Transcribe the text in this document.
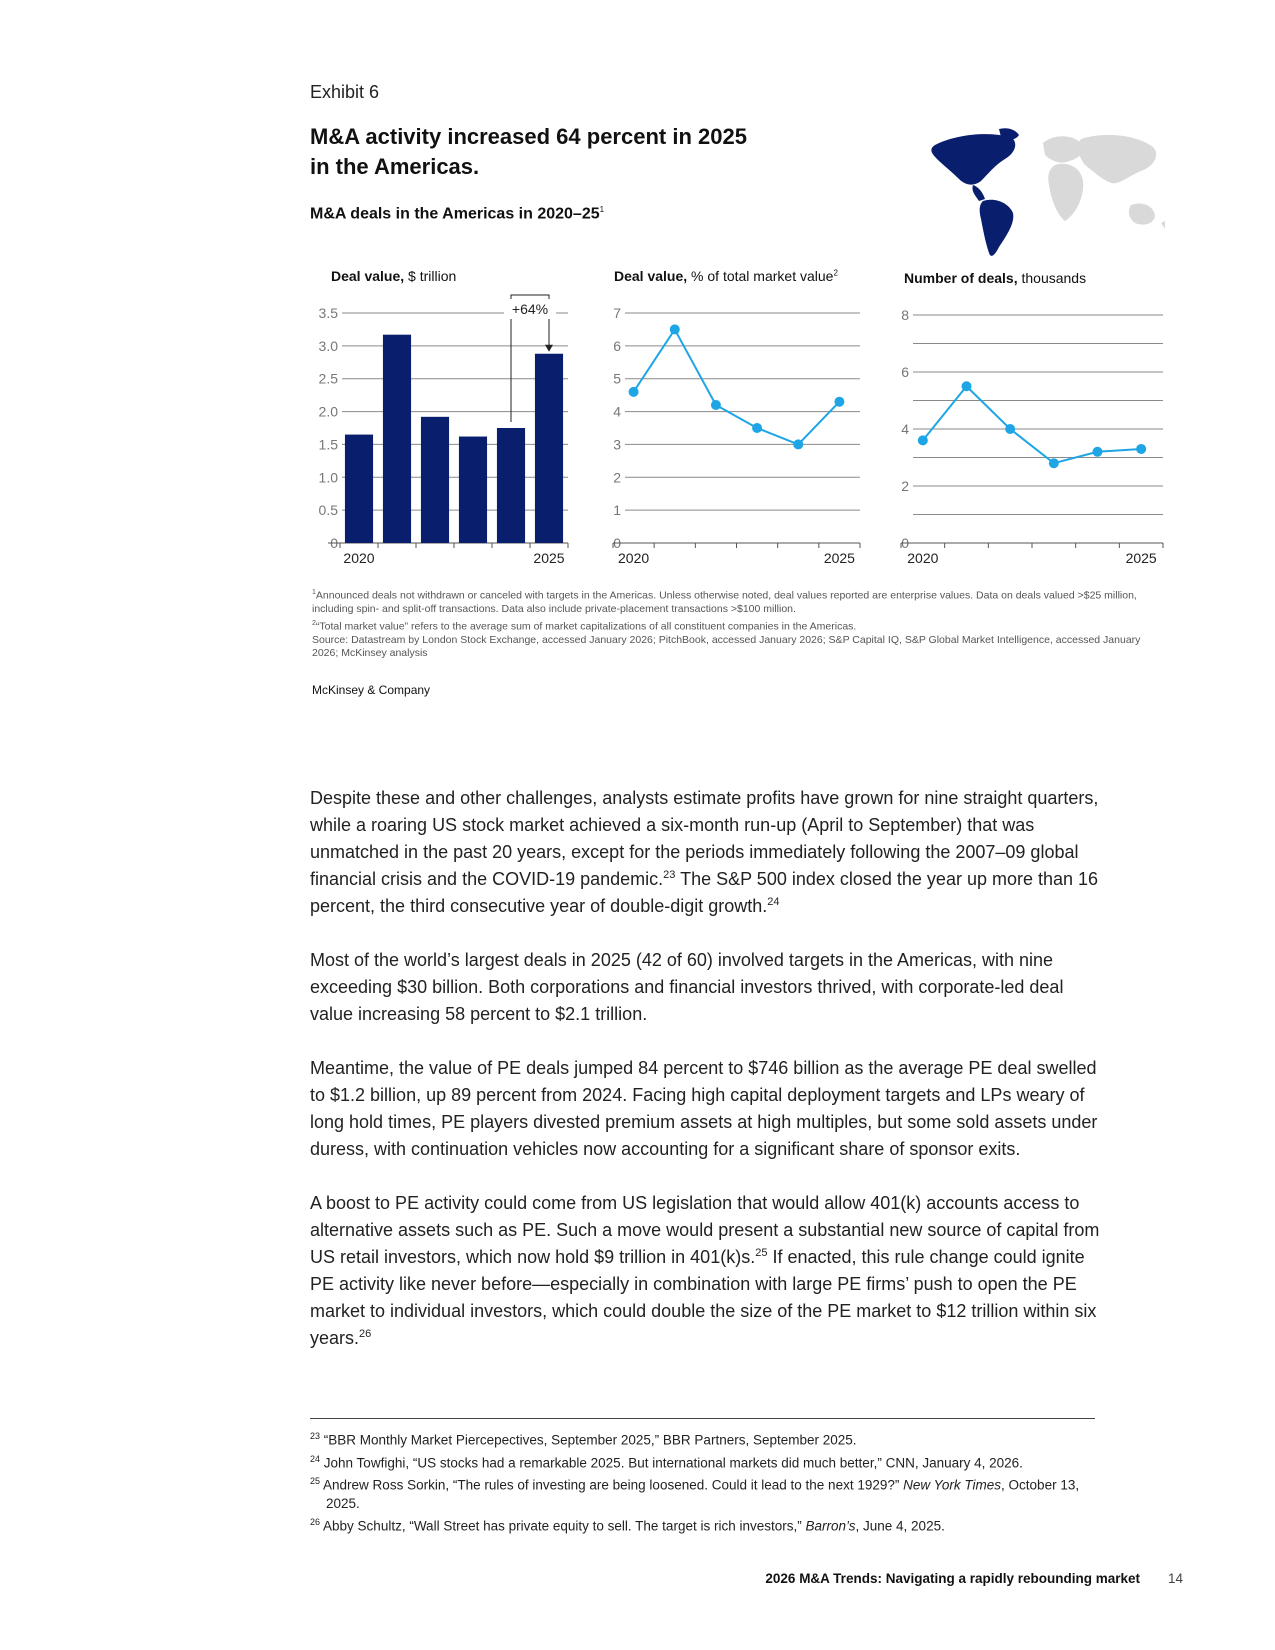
Exhibit 6
M&A activity increased 64 percent in 2025 in the Americas.
M&A deals in the Americas in $2020-25^1$
Deal value, $ trillion
0
0.5
1.0
1.5
2.0
2.5
3.0
3.5
2020	2025
+64%
Deal value, % of total market value$^2$
0
1
2
3
4
5
6
7
2020	2025
Number of deals, thousands
0
2
4
6
8
2020	2025

$^1$Announced deals not withdrawn or canceled with targets in the Americas. Unless otherwise noted, deal values reported are enterprise values. Data on deals valued >$25 million, including spin- and split-off transactions. Data also include private-placement transactions >$100 million.

$^2$“Total market value” refers to the average sum of market capitalizations of all constituent companies in the Americas.

Source: Datastream by London Stock Exchange, accessed January 2026; PitchBook, accessed January 2026; S&P Capital IQ, S&P Global Market Intelligence, accessed January 2026; McKinsey analysis

McKinsey & Company

Despite these and other challenges, analysts estimate profits have grown for nine straight quarters, while a roaring US stock market achieved a six-month run-up (April to September) that was unmatched in the past 20 years, except for the periods immediately following the 2007–09 global financial crisis and the COVID-19 pandemic.$^{23}$ The S&P 500 index closed the year up more than 16 percent, the third consecutive year of double-digit growth.$^{24}$

Most of the world’s largest deals in 2025 (42 of 60) involved targets in the Americas, with nine exceeding $30 billion. Both corporations and financial investors thrived, with corporate-led deal value increasing 58 percent to $2.1 trillion.

Meantime, the value of PE deals jumped 84 percent to $746 billion as the average PE deal swelled to $1.2 billion, up 89 percent from 2024. Facing high capital deployment targets and LPs weary of long hold times, PE players divested premium assets at high multiples, but some sold assets under duress, with continuation vehicles now accounting for a significant share of sponsor exits.

A boost to PE activity could come from US legislation that would allow 401(k) accounts access to alternative assets such as PE. Such a move would present a substantial new source of capital from US retail investors, which now hold $9 trillion in 401(k)s.$^{25}$ If enacted, this rule change could ignite PE activity like never before—especially in combination with large PE firms’ push to open the PE market to individual investors, which could double the size of the PE market to $12 trillion within six years.$^{26}$

$^{23}$ “BBR Monthly Market Piercepectives, September 2025,” BBR Partners, September 2025.
$^{24}$ John Towfighi, “US stocks had a remarkable 2025. But international markets did much better,” CNN, January 4, 2026.
$^{25}$ Andrew Ross Sorkin, “The rules of investing are being loosened. Could it lead to the next 1929?” New York Times, October 13, 2025.
$^{26}$ Abby Schultz, “Wall Street has private equity to sell. The target is rich investors,” Barron’s, June 4, 2025.
2026 M&A Trends: Navigating a rapidly rebounding market 14
